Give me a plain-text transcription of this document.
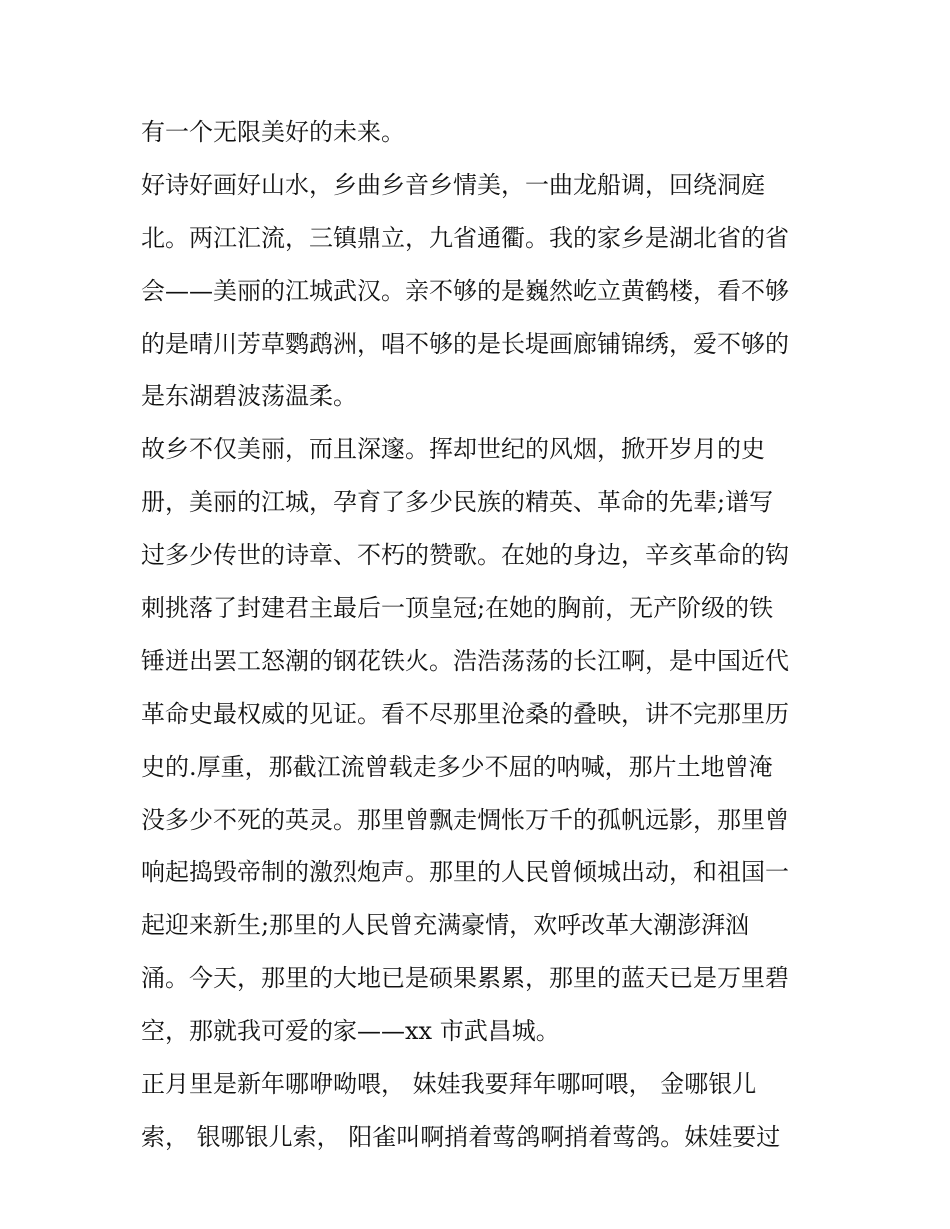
有一个无限美好的未来。
好诗好画好山水，乡曲乡音乡情美，一曲龙船调，回绕洞庭
北。两江汇流，三镇鼎立，九省通衢。我的家乡是湖北省的省
会——美丽的江城武汉。亲不够的是巍然屹立黄鹤楼，看不够
的是晴川芳草鹦鹉洲，唱不够的是长堤画廊铺锦绣，爱不够的
是东湖碧波荡温柔。
故乡不仅美丽，而且深邃。挥却世纪的风烟，掀开岁月的史
册，美丽的江城，孕育了多少民族的精英、革命的先辈;谱写
过多少传世的诗章、不朽的赞歌。在她的身边，辛亥革命的钩
刺挑落了封建君主最后一顶皇冠;在她的胸前，无产阶级的铁
锤迸出罢工怒潮的钢花铁火。浩浩荡荡的长江啊，是中国近代
革命史最权威的见证。看不尽那里沧桑的叠映，讲不完那里历
史的.厚重，那截江流曾载走多少不屈的呐喊，那片土地曾淹
没多少不死的英灵。那里曾飘走惆怅万千的孤帆远影，那里曾
响起捣毁帝制的激烈炮声。那里的人民曾倾城出动，和祖国一
起迎来新生;那里的人民曾充满豪情，欢呼改革大潮澎湃汹
涌。今天，那里的大地已是硕果累累，那里的蓝天已是万里碧
空，那就我可爱的家——xx 市武昌城。
正月里是新年哪咿呦喂， 妹娃我要拜年哪呵喂， 金哪银儿
索， 银哪银儿索， 阳雀叫啊捎着莺鸽啊捎着莺鸽。妹娃要过
